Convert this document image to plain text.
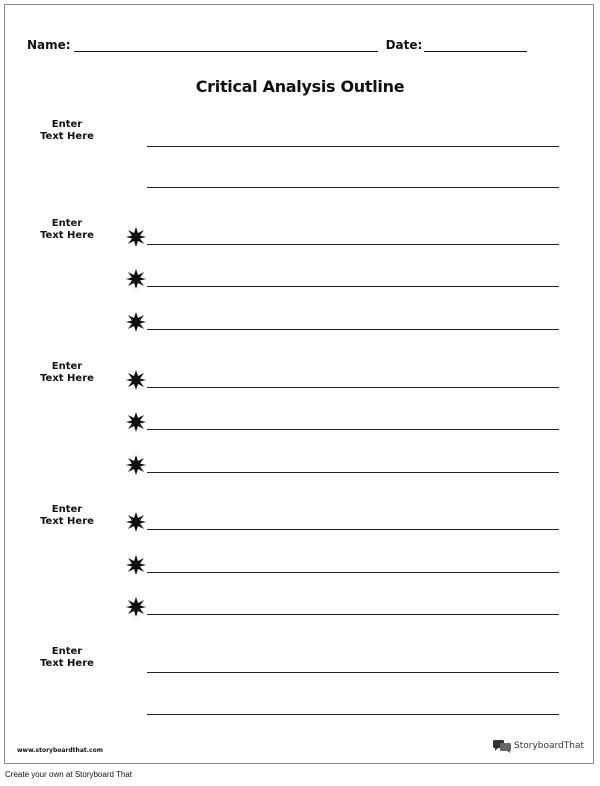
Name:	Date:
Critical Analysis Outline
Enter
Text Here
Enter
Text Here
Enter
Text Here
Enter
Text Here
Enter
Text Here
www.storyboardthat.com	StoryboardThat
Create your own at Storyboard That
